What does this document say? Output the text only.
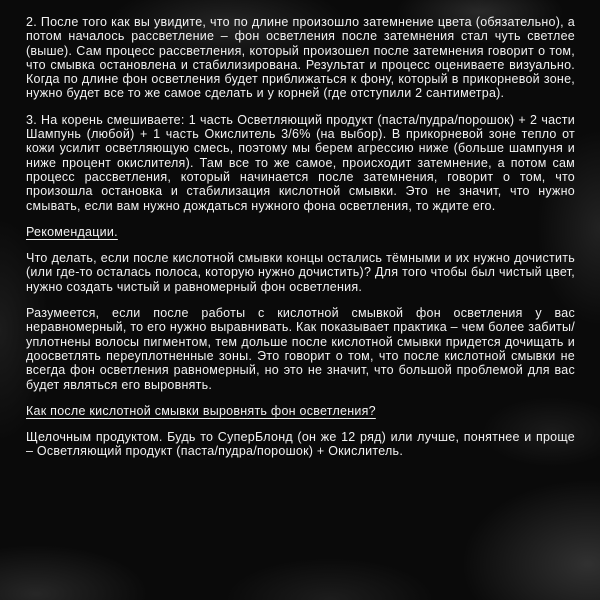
2. После того как вы увидите, что по длине произошло затемнение цвета (обязательно), а потом началось рассветление – фон осветления после затемнения стал чуть светлее (выше). Сам процесс рассветления, который произошел после затемнения говорит о том, что смывка остановлена и стабилизирована. Результат и процесс оцениваете визуально. Когда по длине фон осветления будет приближаться к фону, который в прикорневой зоне, нужно будет все то же самое сделать и у корней (где отступили 2 сантиметра).

3. На корень смешиваете: 1 часть Осветляющий продукт (паста/пудра/порошок) + 2 части Шампунь (любой) + 1 часть Окислитель 3/6% (на выбор). В прикорневой зоне тепло от кожи усилит осветляющую смесь, поэтому мы берем агрессию ниже (больше шампуня и ниже процент окислителя). Там все то же самое, происходит затемнение, а потом сам процесс рассветления, который начинается после затемнения, говорит о том, что произошла остановка и стабилизация кислотной смывки. Это не значит, что нужно смывать, если вам нужно дождаться нужного фона осветления, то ждите его.

Рекомендации.

Что делать, если после кислотной смывки концы остались тёмными и их нужно дочистить (или где-то осталась полоса, которую нужно дочистить)? Для того чтобы был чистый цвет, нужно создать чистый и равномерный фон осветления.

Разумеется, если после работы с кислотной смывкой фон осветления у вас неравномерный, то его нужно выравнивать. Как показывает практика – чем более забиты/уплотнены волосы пигментом, тем дольше после кислотной смывки придется дочищать и доосветлять переуплотненные зоны. Это говорит о том, что после кислотной смывки не всегда фон осветления равномерный, но это не значит, что большой проблемой для вас будет являться его выровнять.

Как после кислотной смывки выровнять фон осветления?

Щелочным продуктом. Будь то СуперБлонд (он же 12 ряд) или лучше, понятнее и проще – Осветляющий продукт (паста/пудра/порошок) + Окислитель.
